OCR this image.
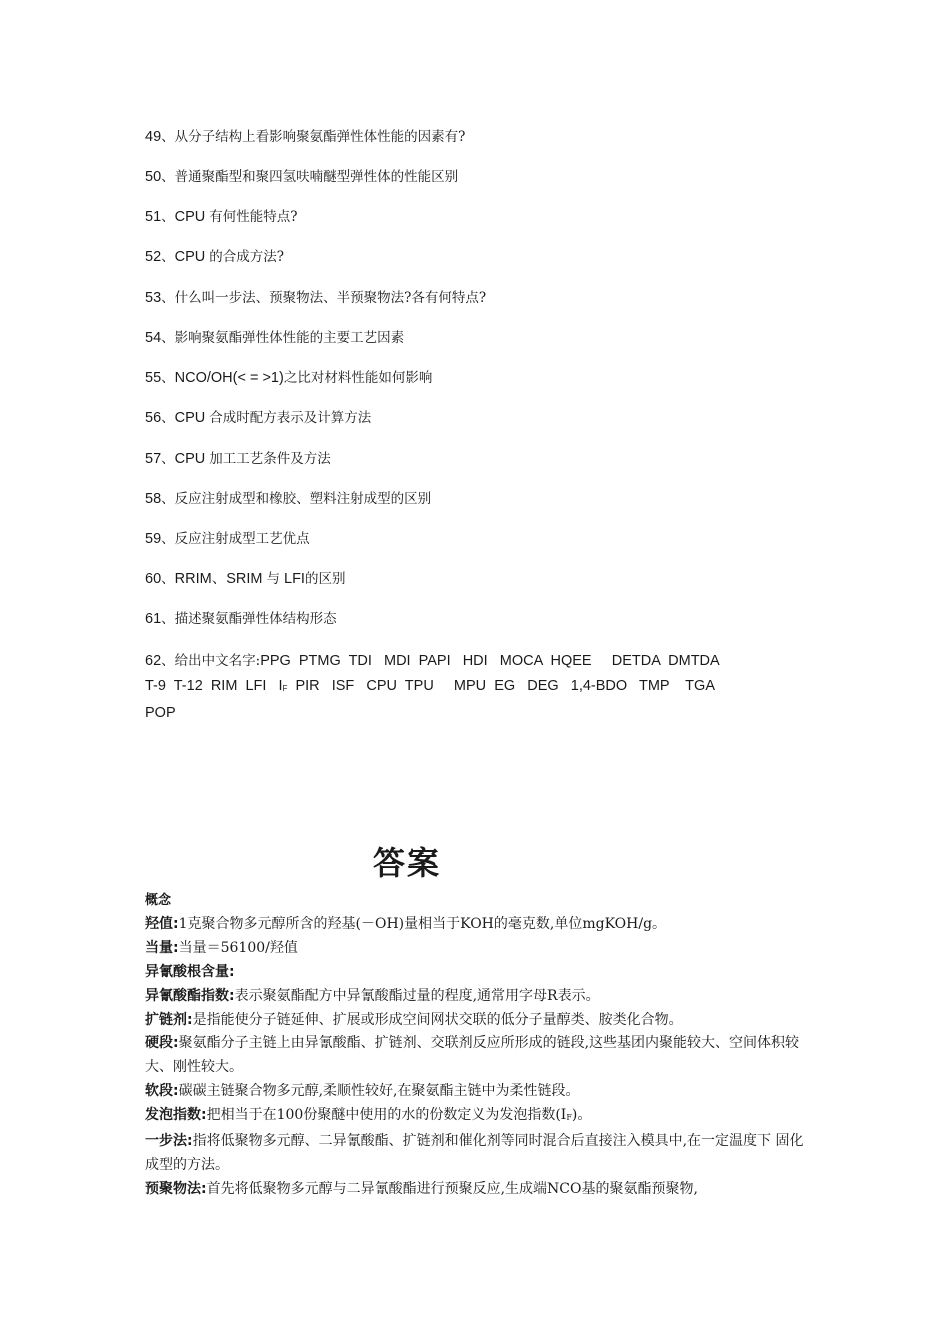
49、从分子结构上看影响聚氨酯弹性体性能的因素有?
50、普通聚酯型和聚四氢呋喃醚型弹性体的性能区别
51、CPU 有何性能特点?
52、CPU 的合成方法?
53、什么叫一步法、预聚物法、半预聚物法?各有何特点?
54、影响聚氨酯弹性体性能的主要工艺因素
55、NCO/OH(< = >1)之比对材料性能如何影响
56、CPU 合成时配方表示及计算方法
57、CPU 加工工艺条件及方法
58、反应注射成型和橡胶、塑料注射成型的区别
59、反应注射成型工艺优点
60、RRIM、SRIM 与 LFI的区别
61、描述聚氨酯弹性体结构形态
62、给出中文名字:PPG  PTMG  TDI   MDI  PAPI   HDI   MOCA  HQEE     DETDA  DMTDA
T-9  T-12  RIM  LFI   $I_F$  PIR   ISF   CPU  TPU     MPU  EG   DEG   1,4-BDO   TMP    TGA
POP
答案

概念

羟值:1克聚合物多元醇所含的羟基(－OH)量相当于KOH的毫克数,单位mgKOH/g。

当量:当量＝56100/羟值

异氰酸根含量:

异氰酸酯指数:表示聚氨酯配方中异氰酸酯过量的程度,通常用字母R表示。

扩链剂:是指能使分子链延伸、扩展或形成空间网状交联的低分子量醇类、胺类化合物。

硬段:聚氨酯分子主链上由异氰酸酯、扩链剂、交联剂反应所形成的链段,这些基团内聚能较大、空间体积较大、刚性较大。

软段:碳碳主链聚合物多元醇,柔顺性较好,在聚氨酯主链中为柔性链段。

发泡指数:把相当于在100份聚醚中使用的水的份数定义为发泡指数$(I_F)$。

一步法:指将低聚物多元醇、二异氰酸酯、扩链剂和催化剂等同时混合后直接注入模具中,在一定温度下 固化成型的方法。

预聚物法:首先将低聚物多元醇与二异氰酸酯进行预聚反应,生成端NCO基的聚氨酯预聚物,
